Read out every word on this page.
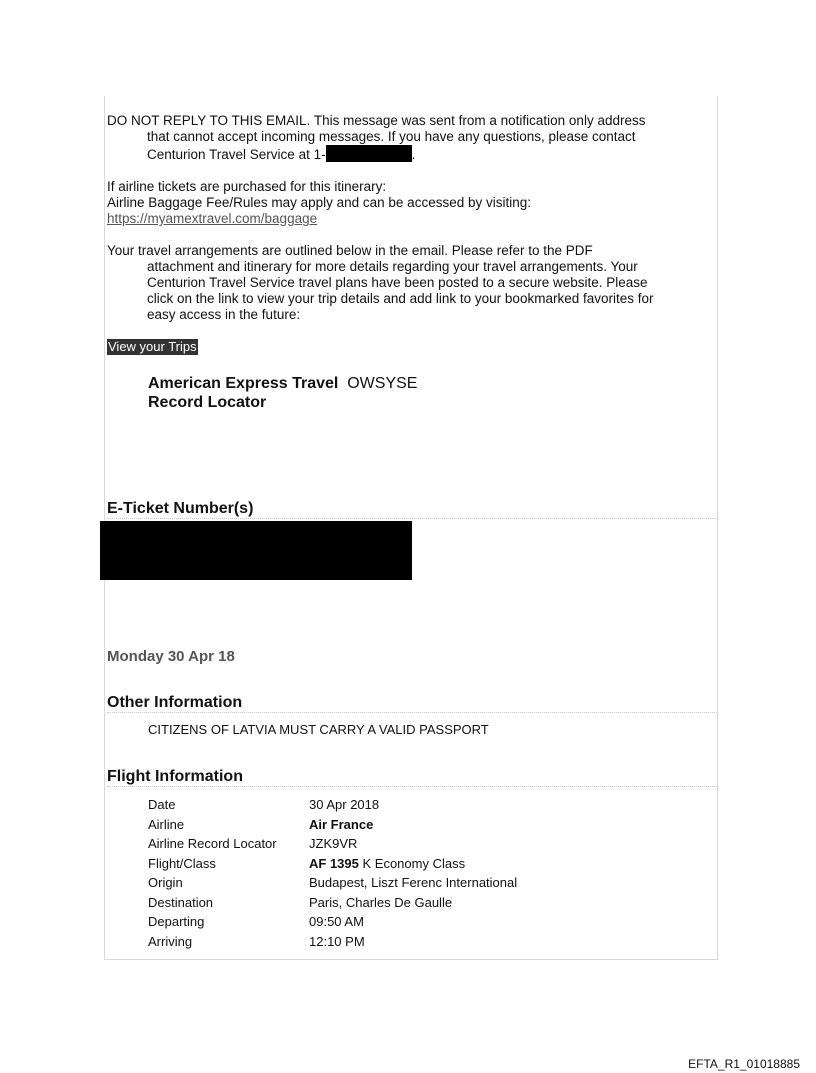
DO NOT REPLY TO THIS EMAIL. This message was sent from a notification only address
that cannot accept incoming messages. If you have any questions, please contact
Centurion Travel Service at 1-	.
If airline tickets are purchased for this itinerary:
Airline Baggage Fee/Rules may apply and can be accessed by visiting:
https://myamextravel.com/baggage
Your travel arrangements are outlined below in the email. Please refer to the PDF
attachment and itinerary for more details regarding your travel arrangements. Your
Centurion Travel Service travel plans have been posted to a secure website. Please
click on the link to view your trip details and add link to your bookmarked favorites for
easy access in the future:
View your Trips
American Express Travel OWSYSE
Record Locator
E-Ticket Number(s)
Monday 30 Apr 18
Other Information
CITIZENS OF LATVIA MUST CARRY A VALID PASSPORT
Flight Information
Date	30 Apr 2018
Airline	Air France
Airline Record Locator	JZK9VR
Flight/Class	AF 1395 K Economy Class
Origin	Budapest, Liszt Ferenc International
Destination	Paris, Charles De Gaulle
Departing	09:50 AM
Arriving	12:10 PM
EFTA_R1_01018885
